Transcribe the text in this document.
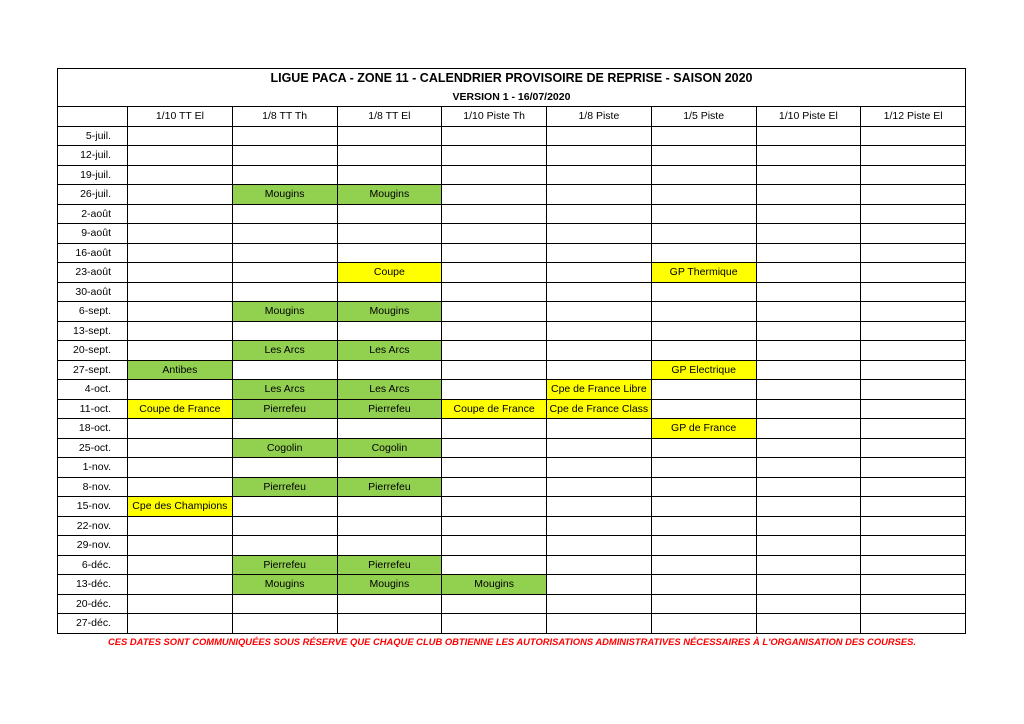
LIGUE PACA - ZONE 11 - CALENDRIER PROVISOIRE DE REPRISE - SAISON 2020								
VERSION 1 - 16/07/2020								
	1/10 TT El	1/8 TT Th	1/8 TT El	1/10 Piste Th	1/8 Piste	1/5 Piste	1/10 Piste El	1/12 Piste El
5-juil.								
12-juil.								
19-juil.								
26-juil.		Mougins	Mougins					
2-août								
9-août								
16-août								
23-août			Coupe			GP Thermique		
30-août								
6-sept.		Mougins	Mougins					
13-sept.								
20-sept.		Les Arcs	Les Arcs					
27-sept.	Antibes					GP Electrique		
4-oct.		Les Arcs	Les Arcs		Cpe de France Libre			
11-oct.	Coupe de France	Pierrefeu	Pierrefeu	Coupe de France	Cpe de France Class			
18-oct.						GP de France		
25-oct.		Cogolin	Cogolin					
1-nov.								
8-nov.		Pierrefeu	Pierrefeu					
15-nov.	Cpe des Champions							
22-nov.								
29-nov.								
6-déc.		Pierrefeu	Pierrefeu					
13-déc.		Mougins	Mougins	Mougins				
20-déc.								
27-déc.								
CES DATES SONT COMMUNIQUÉES SOUS RÉSERVE QUE CHAQUE CLUB OBTIENNE LES AUTORISATIONS ADMINISTRATIVES NÉCESSAIRES À L'ORGANISATION DES COURSES.
